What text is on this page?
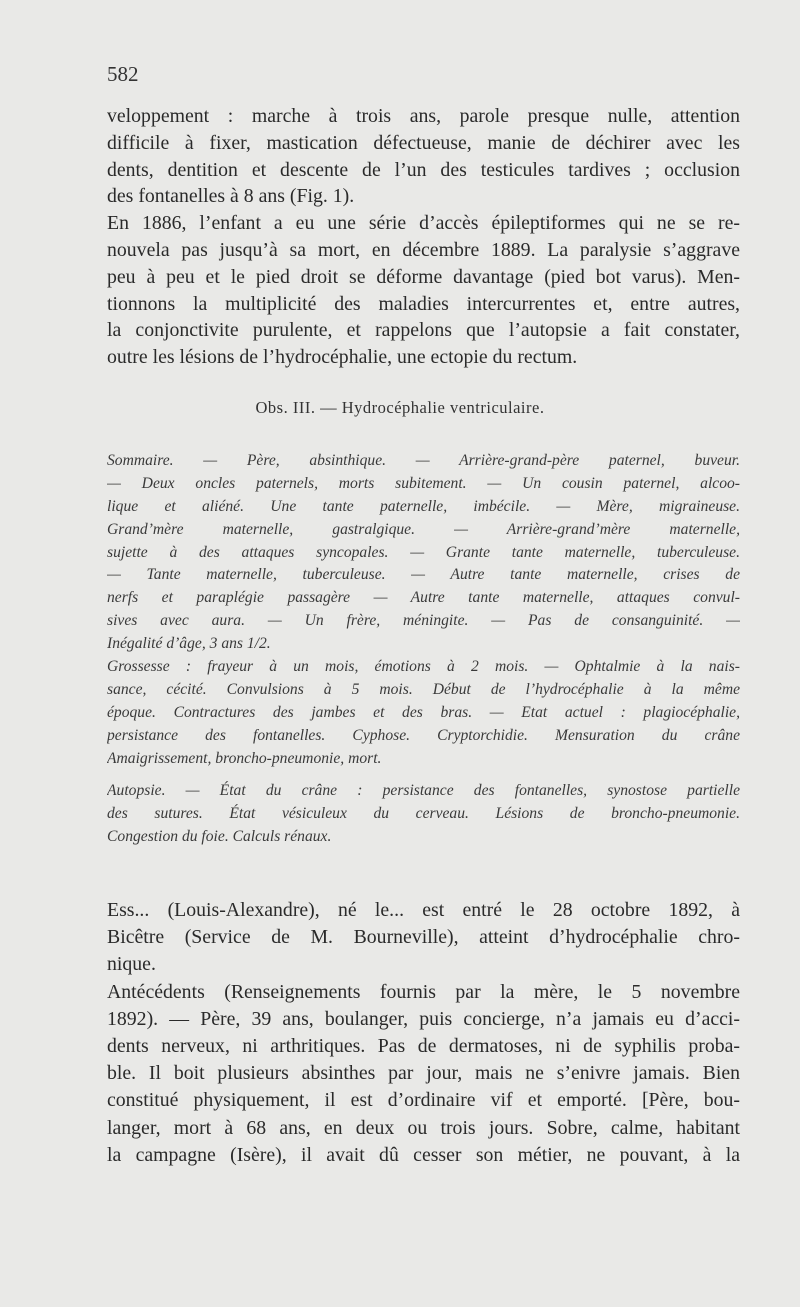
582
veloppement : marche à trois ans, parole presque nulle, attention
difficile à fixer, mastication défectueuse, manie de déchirer avec les
dents, dentition et descente de l’un des testicules tardives ; occlusion
des fontanelles à 8 ans (Fig. 1).
En 1886, l’enfant a eu une série d’accès épileptiformes qui ne se re-
nouvela pas jusqu’à sa mort, en décembre 1889. La paralysie s’aggrave
peu à peu et le pied droit se déforme davantage (pied bot varus). Men-
tionnons la multiplicité des maladies intercurrentes et, entre autres,
la conjonctivite purulente, et rappelons que l’autopsie a fait constater,
outre les lésions de l’hydrocéphalie, une ectopie du rectum.
Obs. III. — Hydrocéphalie ventriculaire.
Sommaire. — Père, absinthique. — Arrière-grand-père paternel, buveur.
— Deux oncles paternels, morts subitement. — Un cousin paternel, alcoo-
lique et aliéné. Une tante paternelle, imbécile. — Mère, migraineuse.
Grand’mère maternelle, gastralgique. — Arrière-grand’mère maternelle,
sujette à des attaques syncopales. — Grante tante maternelle, tuberculeuse.
— Tante maternelle, tuberculeuse. — Autre tante maternelle, crises de
nerfs et paraplégie passagère — Autre tante maternelle, attaques convul-
sives avec aura. — Un frère, méningite. — Pas de consanguinité. —
Inégalité d’âge, 3 ans 1/2.
Grossesse : frayeur à un mois, émotions à 2 mois. — Ophtalmie à la nais-
sance, cécité. Convulsions à 5 mois. Début de l’hydrocéphalie à la même
époque. Contractures des jambes et des bras. — Etat actuel : plagiocéphalie,
persistance des fontanelles. Cyphose. Cryptorchidie. Mensuration du crâne
Amaigrissement, broncho-pneumonie, mort.
Autopsie. — État du crâne : persistance des fontanelles, synostose partielle
des sutures. État vésiculeux du cerveau. Lésions de broncho-pneumonie.
Congestion du foie. Calculs rénaux.
Ess... (Louis-Alexandre), né le... est entré le 28 octobre 1892, à
Bicêtre (Service de M. Bourneville), atteint d’hydrocéphalie chro-
nique.
Antécédents (Renseignements fournis par la mère, le 5 novembre
1892). — Père, 39 ans, boulanger, puis concierge, n’a jamais eu d’acci-
dents nerveux, ni arthritiques. Pas de dermatoses, ni de syphilis proba-
ble. Il boit plusieurs absinthes par jour, mais ne s’enivre jamais. Bien
constitué physiquement, il est d’ordinaire vif et emporté. [Père, bou-
langer, mort à 68 ans, en deux ou trois jours. Sobre, calme, habitant
la campagne (Isère), il avait dû cesser son métier, ne pouvant, à la
